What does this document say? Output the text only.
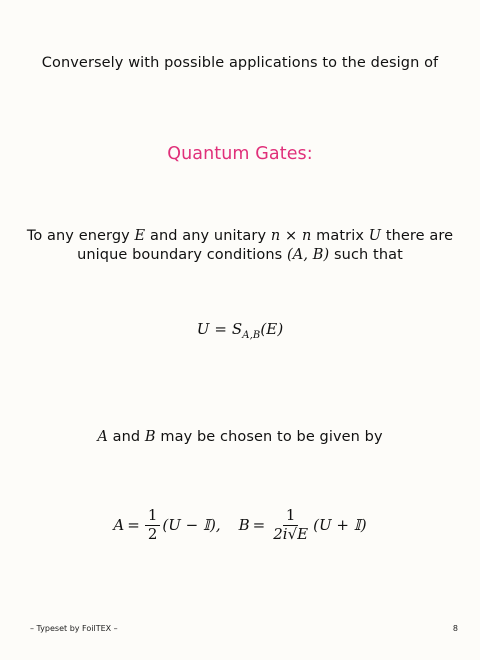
Conversely with possible applications to the design of
Quantum Gates:
To any energy E and any unitary n × n matrix U there are
unique boundary conditions (A, B) such that
$U = S_{A,B}(E)$
A and B may be chosen to be given by
$A = \frac{1}{2} (U$ − 𝕀), $B = \frac{1}{2i√E} (U$ + 𝕀)
– Typeset by FoilTEX –	8
